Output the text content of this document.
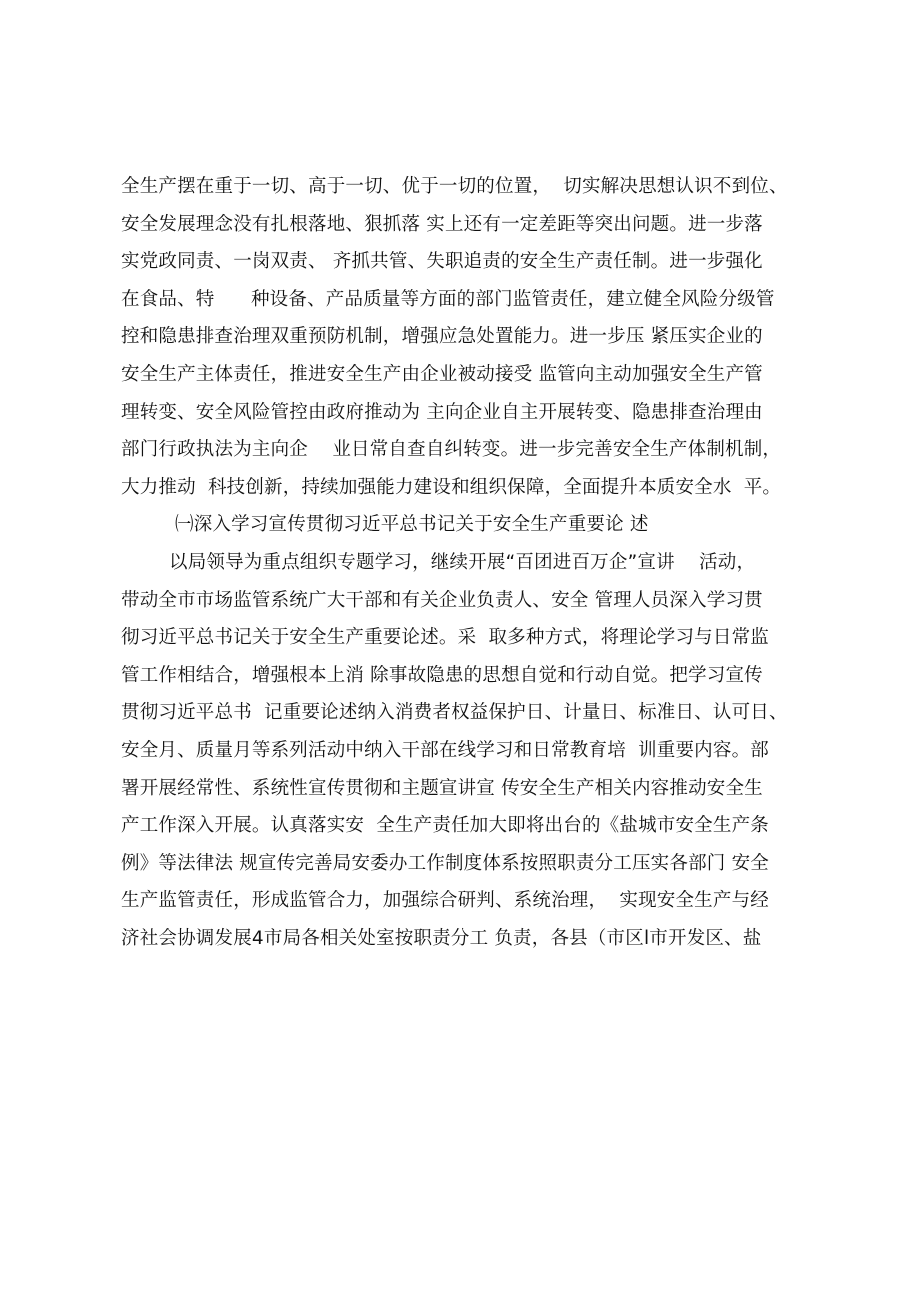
全生产摆在重于一切、高于一切、优于一切的位置，  切实解决思想认识不到位、
安全发展理念没有扎根落地、狠抓落 实上还有一定差距等突出问题。进一步落
实党政同责、一岗双责、 齐抓共管、失职追责的安全生产责任制。进一步强化
在食品、特      种设备、产品质量等方面的部门监管责任，建立健全风险分级管
控和隐患排查治理双重预防机制，增强应急处置能力。进一步压 紧压实企业的
安全生产主体责任，推进安全生产由企业被动接受 监管向主动加强安全生产管
理转变、安全风险管控由政府推动为 主向企业自主开展转变、隐患排查治理由
部门行政执法为主向企    业日常自查自纠转变。进一步完善安全生产体制机制，
大力推动  科技创新，持续加强能力建设和组织保障，全面提升本质安全水  平。
㈠深入学习宣传贯彻习近平总书记关于安全生产重要论 述
以局领导为重点组织专题学习，继续开展“百团进百万企”宣讲    活动，
带动全市市场监管系统广大干部和有关企业负责人、安全 管理人员深入学习贯
彻习近平总书记关于安全生产重要论述。采  取多种方式，将理论学习与日常监
管工作相结合，增强根本上消 除事故隐患的思想自觉和行动自觉。把学习宣传
贯彻习近平总书  记重要论述纳入消费者权益保护日、计量日、标准日、认可日、
安全月、质量月等系列活动中纳入干部在线学习和日常教育培  训重要内容。部
署开展经常性、系统性宣传贯彻和主题宣讲宣 传安全生产相关内容推动安全生
产工作深入开展。认真落实安  全生产责任加大即将出台的《盐城市安全生产条
例》等法律法 规宣传完善局安委办工作制度体系按照职责分工压实各部门 安全
生产监管责任，形成监管合力，加强综合研判、系统治理，  实现安全生产与经
济社会协调发展4市局各相关处室按职责分工 负责，各县（市区l市开发区、盐
